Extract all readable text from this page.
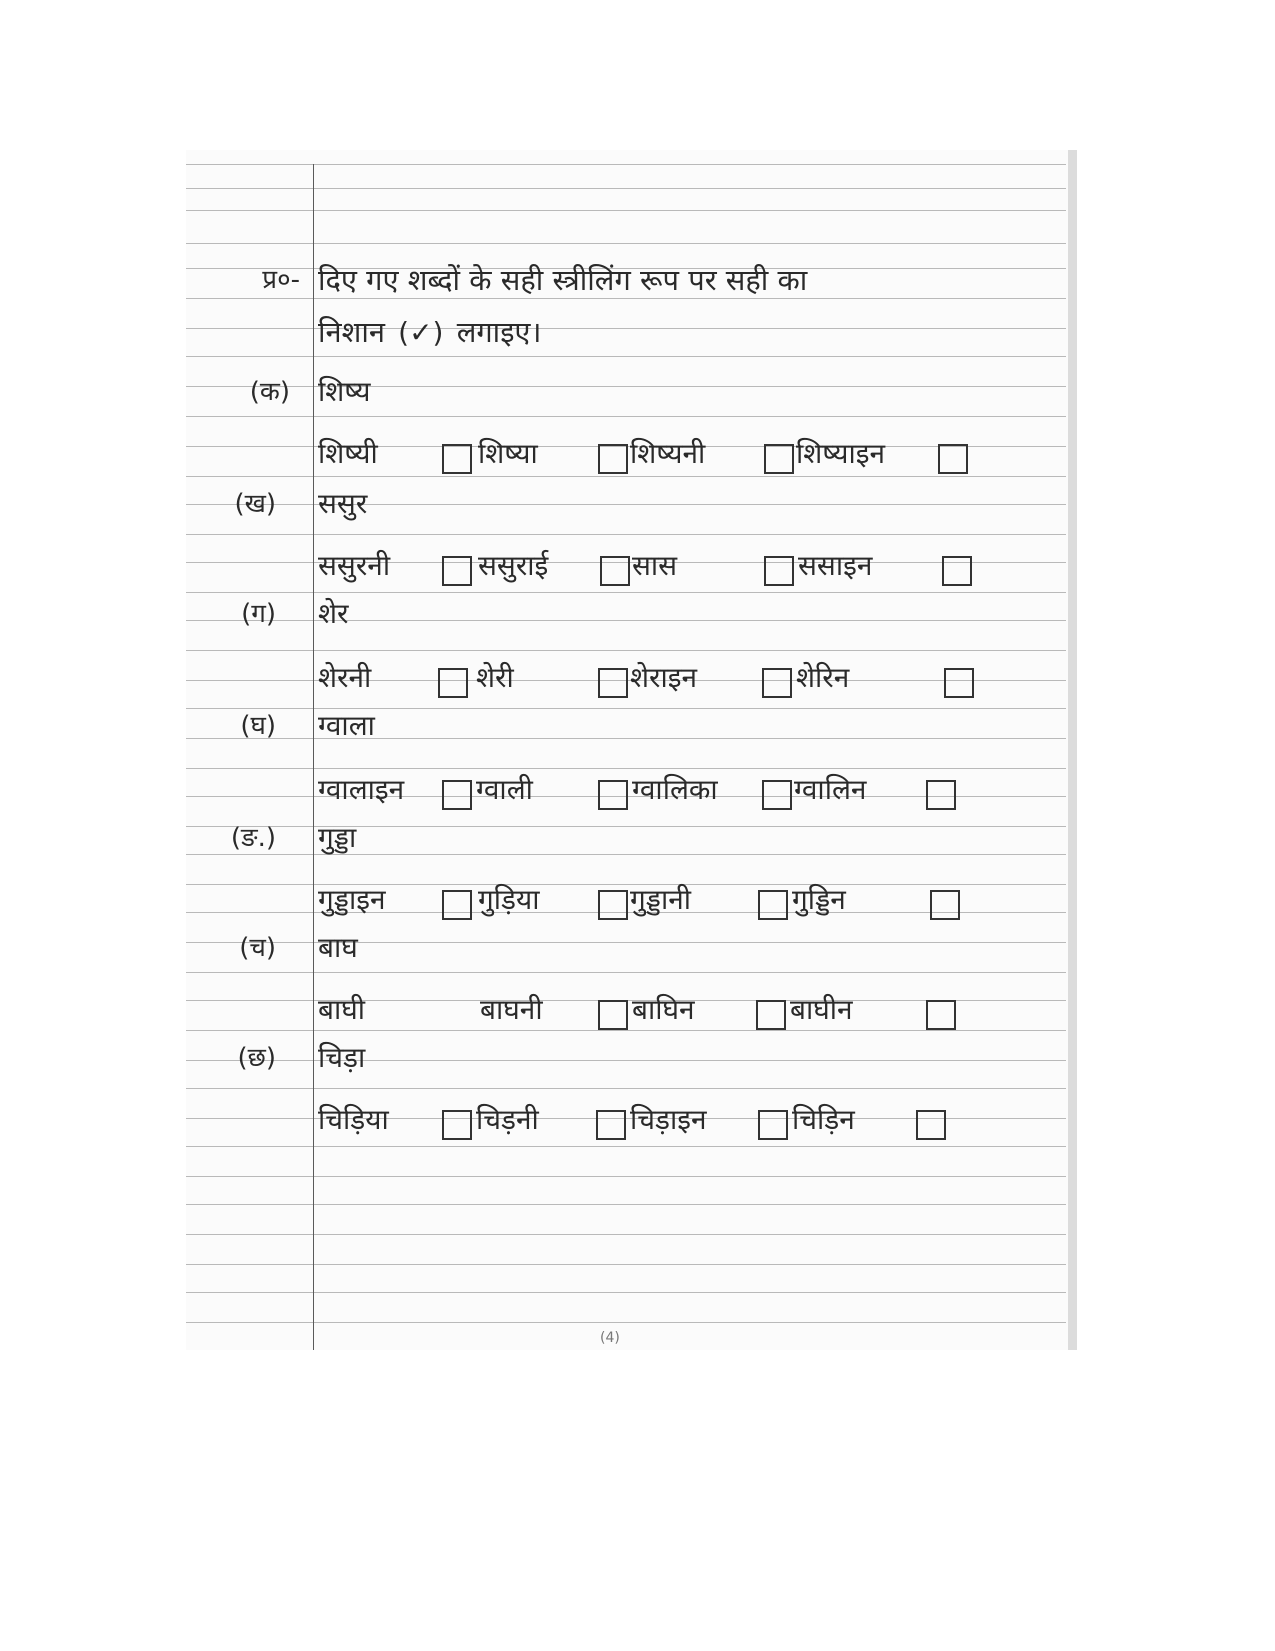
प्र०- दिए गए शब्दों के सही स्त्रीलिंग रूप पर सही का
निशान (✓) लगाइए।
(क) शिष्य
शिष्यी	शिष्या	शिष्यनी	शिष्याइन
(ख) ससुर
ससुरनी	ससुराई	सास	ससाइन
(ग) शेर
शेरनी	शेरी	शेराइन	शेरिन
(घ) ग्वाला
ग्वालाइन	ग्वाली	ग्वालिका	ग्वालिन
(ङ.) गुड्डा
गुड्डाइन	गुड़िया	गुड्डानी	गुड्डिन
(च) बाघ
बाघी	बाघनी	बाघिन	बाघीन
(छ) चिड़ा
चिड़िया	चिड़नी	चिड़ाइन	चिड़िन
(4)
